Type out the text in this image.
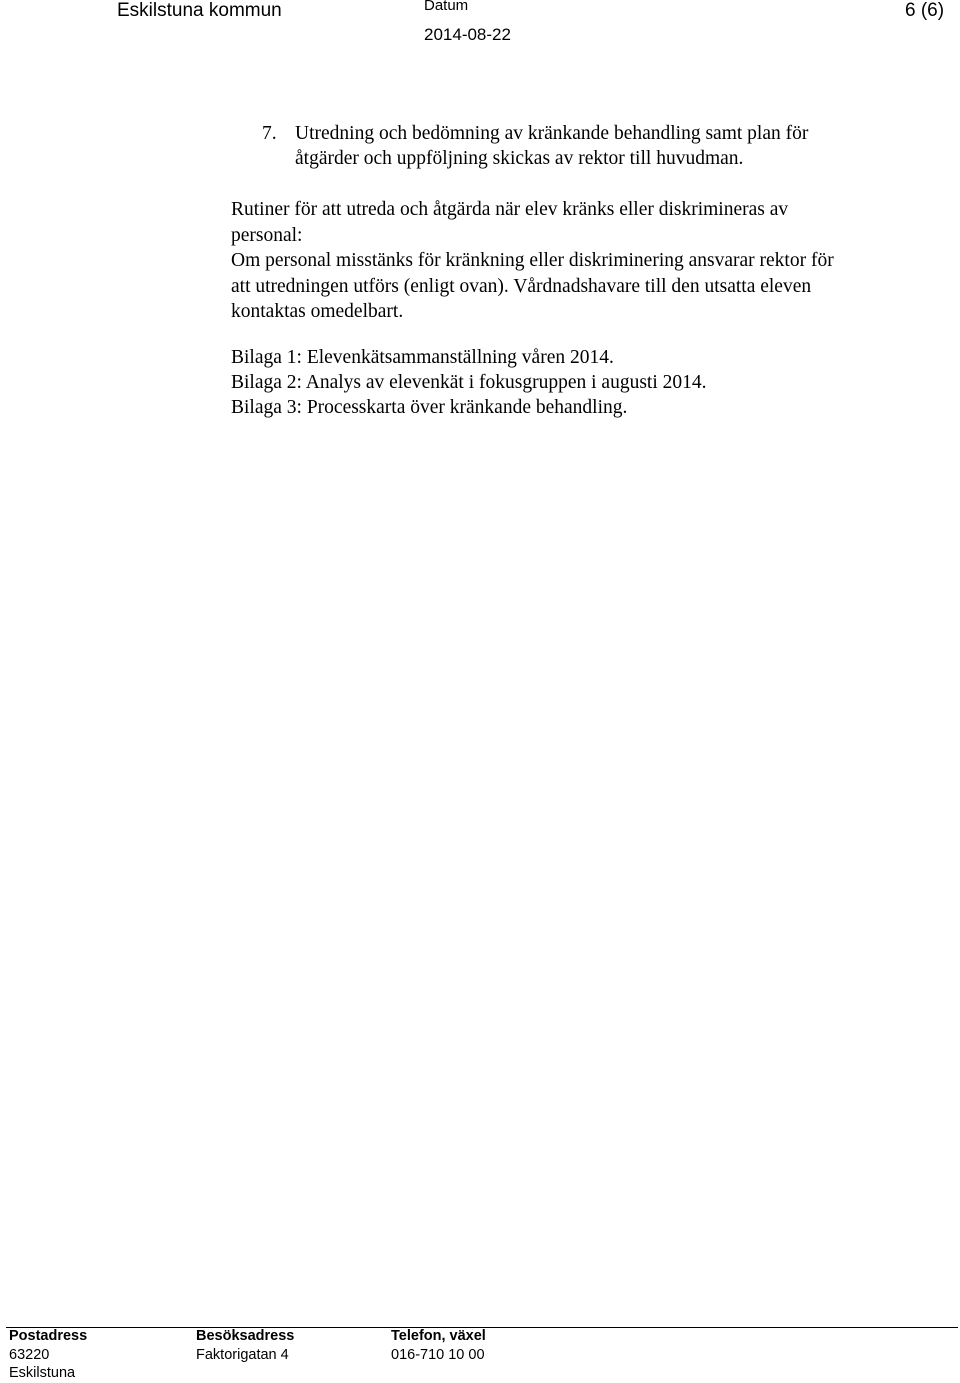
Eskilstuna kommun	Datum
2014-08-22
6 (6)
7. Utredning och bedömning av kränkande behandling samt plan för
åtgärder och uppföljning skickas av rektor till huvudman.
Rutiner för att utreda och åtgärda när elev kränks eller diskrimineras av
personal:
Om personal misstänks för kränkning eller diskriminering ansvarar rektor för
att utredningen utförs (enligt ovan). Vårdnadshavare till den utsatta eleven
kontaktas omedelbart.
Bilaga 1: Elevenkätsammanställning våren 2014.
Bilaga 2: Analys av elevenkät i fokusgruppen i augusti 2014.
Bilaga 3: Processkarta över kränkande behandling.
Postadress
63220
Eskilstuna
Besöksadress
Faktorigatan 4
Telefon, växel
016-710 10 00
